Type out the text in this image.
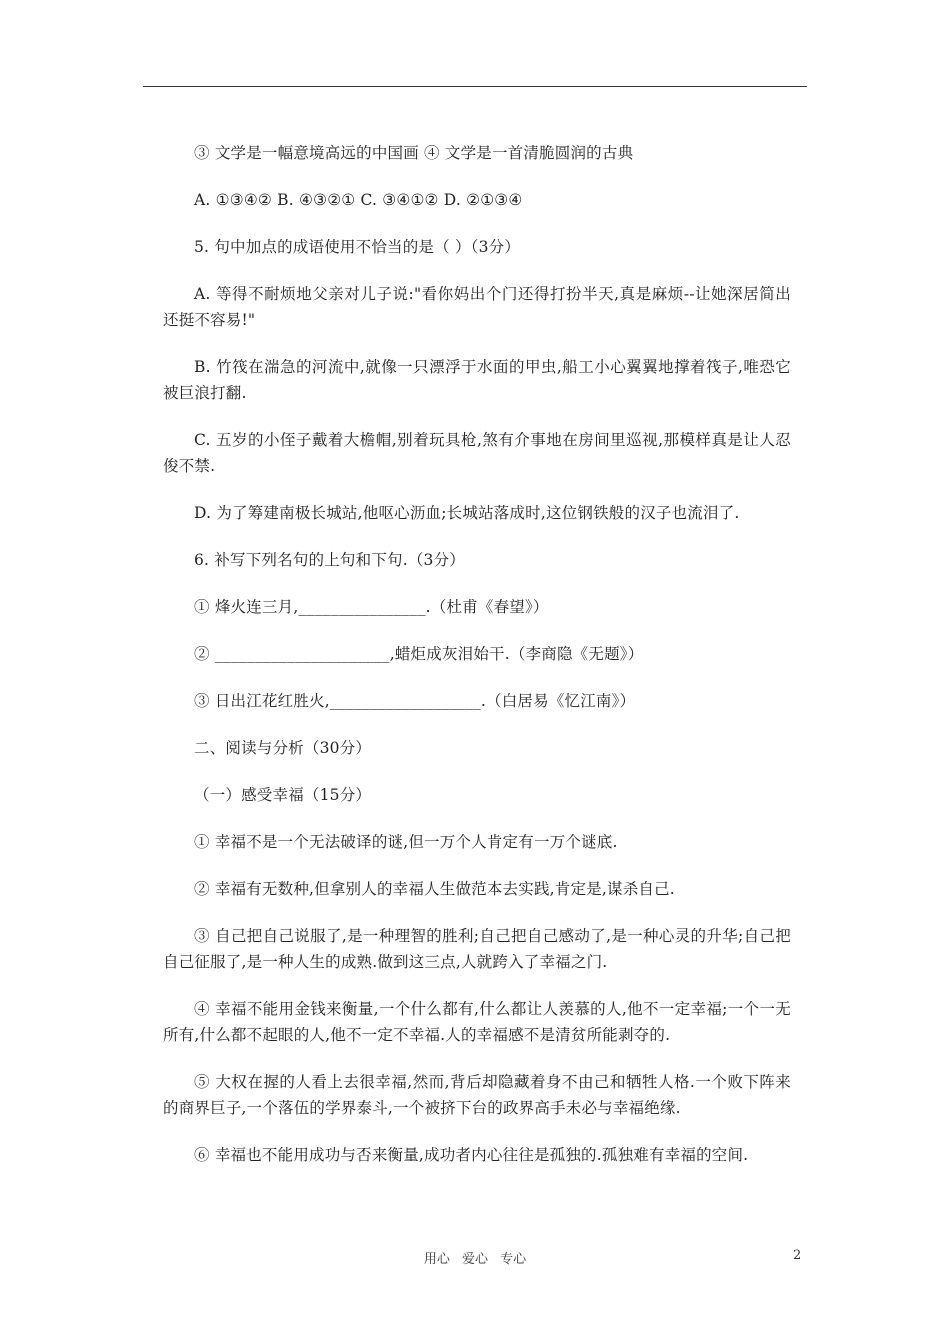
③ 文学是一幅意境高远的中国画 ④ 文学是一首清脆圆润的古典

A. ①③④② B. ④③②① C. ③④①② D. ②①③④

5. 句中加点的成语使用不恰当的是（ ）（3分）

A. 等得不耐烦地父亲对儿子说:"看你妈出个门还得打扮半天,真是麻烦--让她深居简出还挺不容易!"

B. 竹筏在湍急的河流中,就像一只漂浮于水面的甲虫,船工小心翼翼地撑着筏子,唯恐它被巨浪打翻.

C. 五岁的小侄子戴着大檐帽,别着玩具枪,煞有介事地在房间里巡视,那模样真是让人忍俊不禁.

D. 为了筹建南极长城站,他呕心沥血;长城站落成时,这位钢铁般的汉子也流泪了.

6. 补写下列名句的上句和下句.（3分）

① 烽火连三月,________________.（杜甫《春望》）

② ______________________,蜡炬成灰泪始干.（李商隐《无题》）

③ 日出江花红胜火,___________________.（白居易《忆江南》）

二、阅读与分析（30分）

（一）感受幸福（15分）

① 幸福不是一个无法破译的谜,但一万个人肯定有一万个谜底.

② 幸福有无数种,但拿别人的幸福人生做范本去实践,肯定是,谋杀自己.

③ 自己把自己说服了,是一种理智的胜利;自己把自己感动了,是一种心灵的升华;自己把自己征服了,是一种人生的成熟.做到这三点,人就跨入了幸福之门.

④ 幸福不能用金钱来衡量,一个什么都有,什么都让人羡慕的人,他不一定幸福;一个一无所有,什么都不起眼的人,他不一定不幸福.人的幸福感不是清贫所能剥夺的.

⑤ 大权在握的人看上去很幸福,然而,背后却隐藏着身不由己和牺牲人格.一个败下阵来的商界巨子,一个落伍的学界泰斗,一个被挤下台的政界高手未必与幸福绝缘.

⑥ 幸福也不能用成功与否来衡量,成功者内心往往是孤独的.孤独难有幸福的空间.

用心 爱心 专心	2
